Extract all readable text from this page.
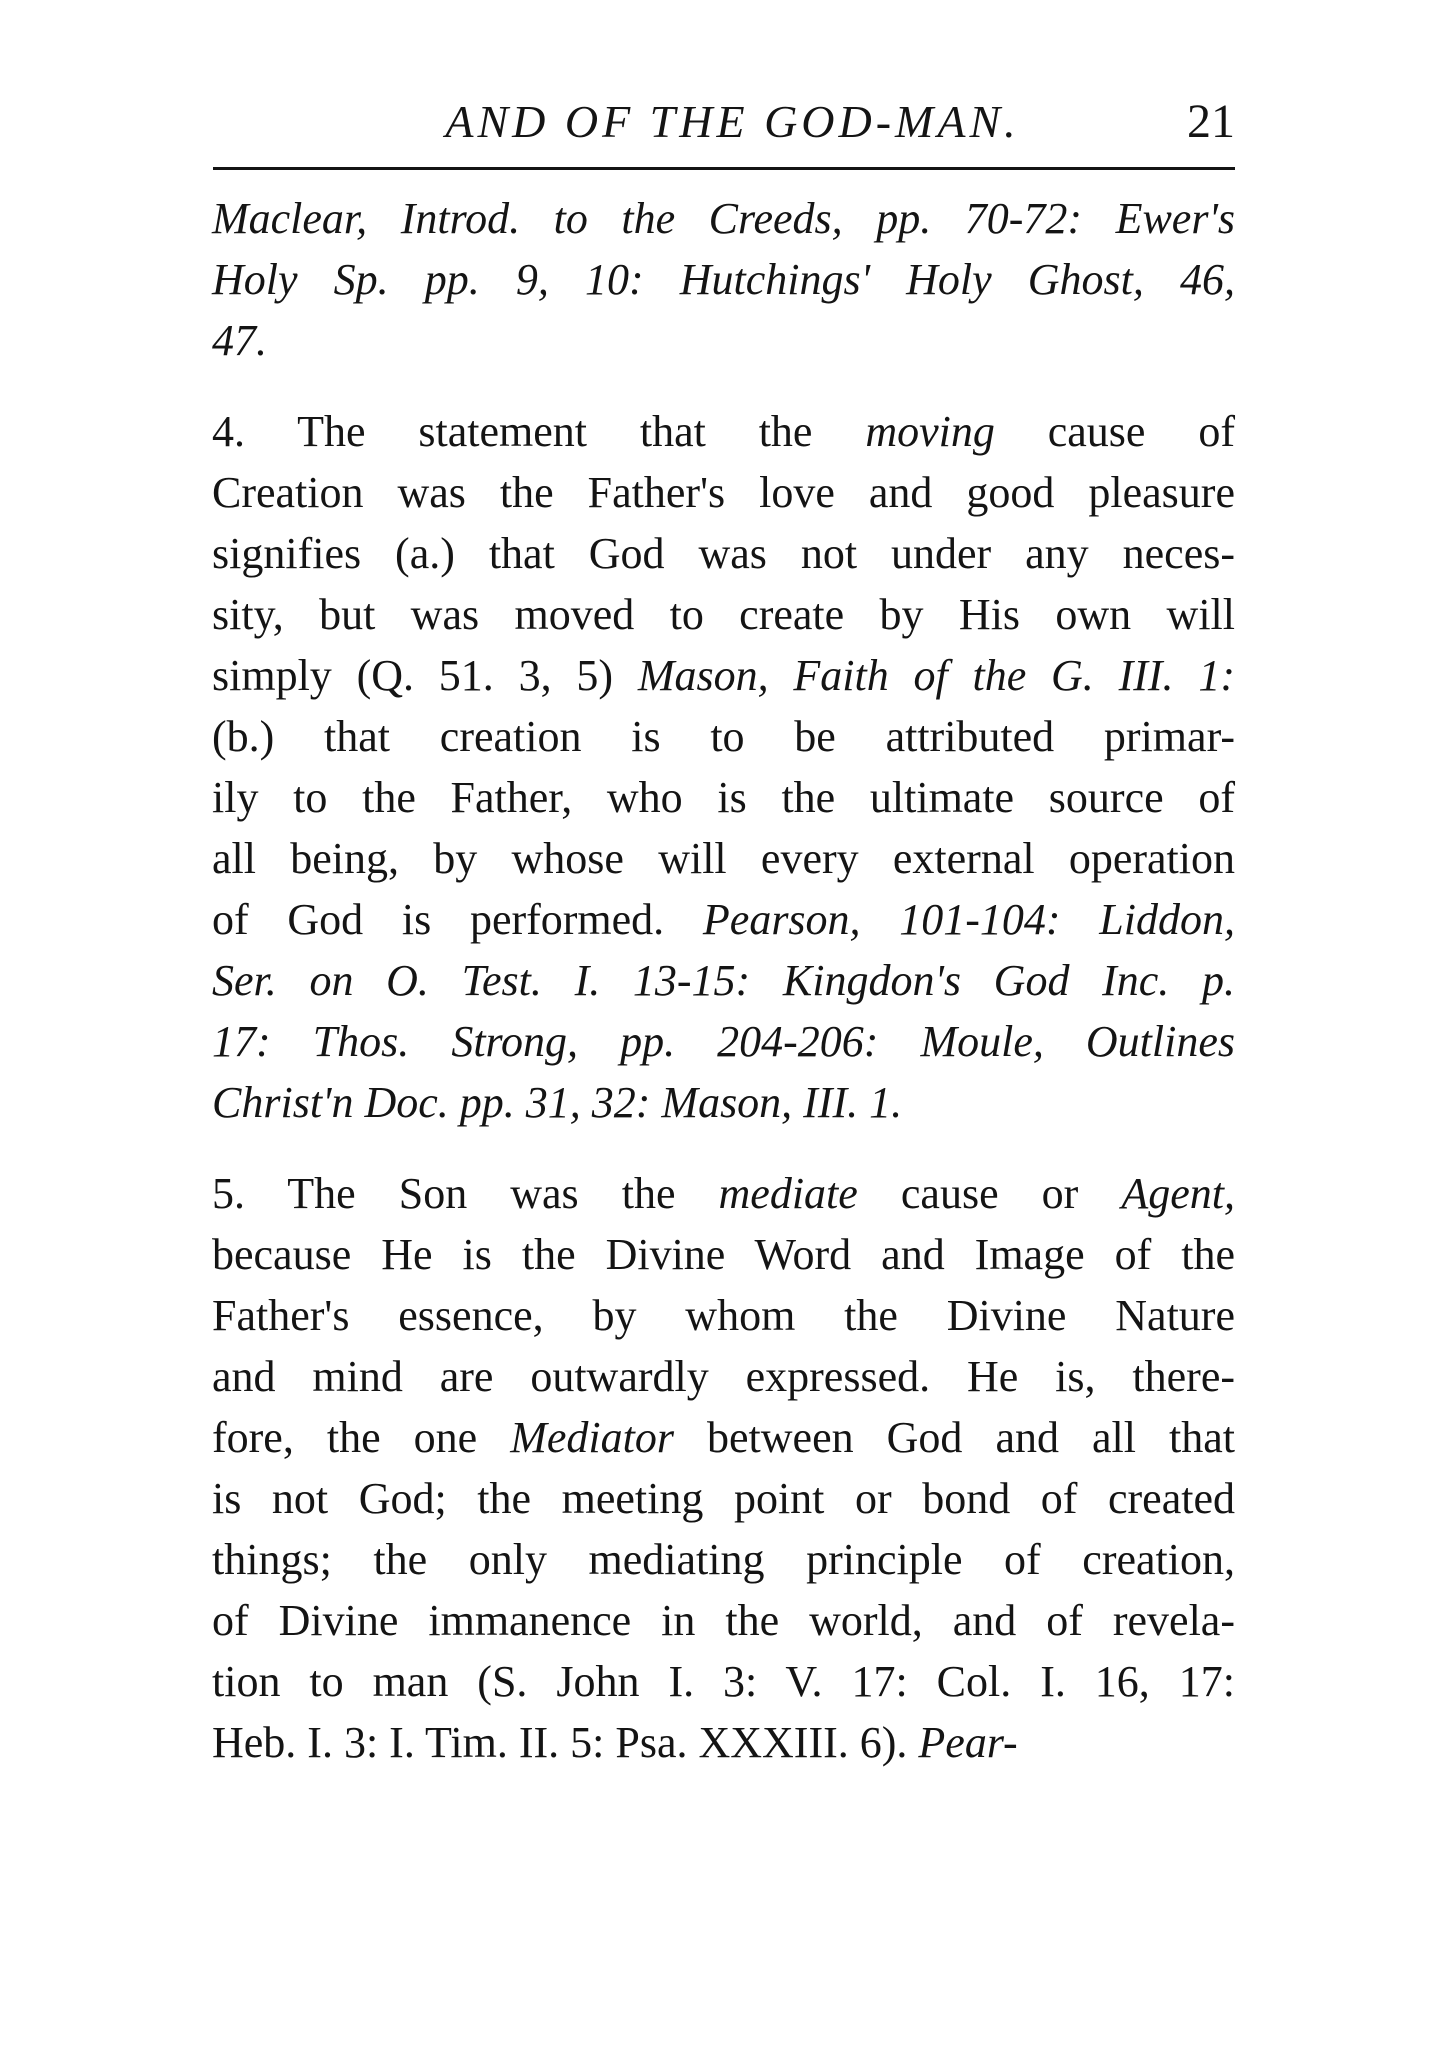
AND OF THE GOD-MAN.	21
Maclear, Introd. to the Creeds, pp. 70-72: Ewer's
Holy Sp. pp. 9, 10: Hutchings' Holy Ghost, 46,
47.
4. The statement that the moving cause of
Creation was the Father's love and good pleasure
signifies (a.) that God was not under any neces-
sity, but was moved to create by His own will
simply (Q. 51. 3, 5) Mason, Faith of the G. III. 1:
(b.) that creation is to be attributed primar-
ily to the Father, who is the ultimate source of
all being, by whose will every external operation
of God is performed. Pearson, 101-104: Liddon,
Ser. on O. Test. I. 13-15: Kingdon's God Inc. p.
17: Thos. Strong, pp. 204-206: Moule, Outlines
Christ'n Doc. pp. 31, 32: Mason, III. 1.
5. The Son was the mediate cause or Agent,
because He is the Divine Word and Image of the
Father's essence, by whom the Divine Nature
and mind are outwardly expressed. He is, there-
fore, the one Mediator between God and all that
is not God; the meeting point or bond of created
things; the only mediating principle of creation,
of Divine immanence in the world, and of revela-
tion to man (S. John I. 3: V. 17: Col. I. 16, 17:
Heb. I. 3: I. Tim. II. 5: Psa. XXXIII. 6). Pear-
